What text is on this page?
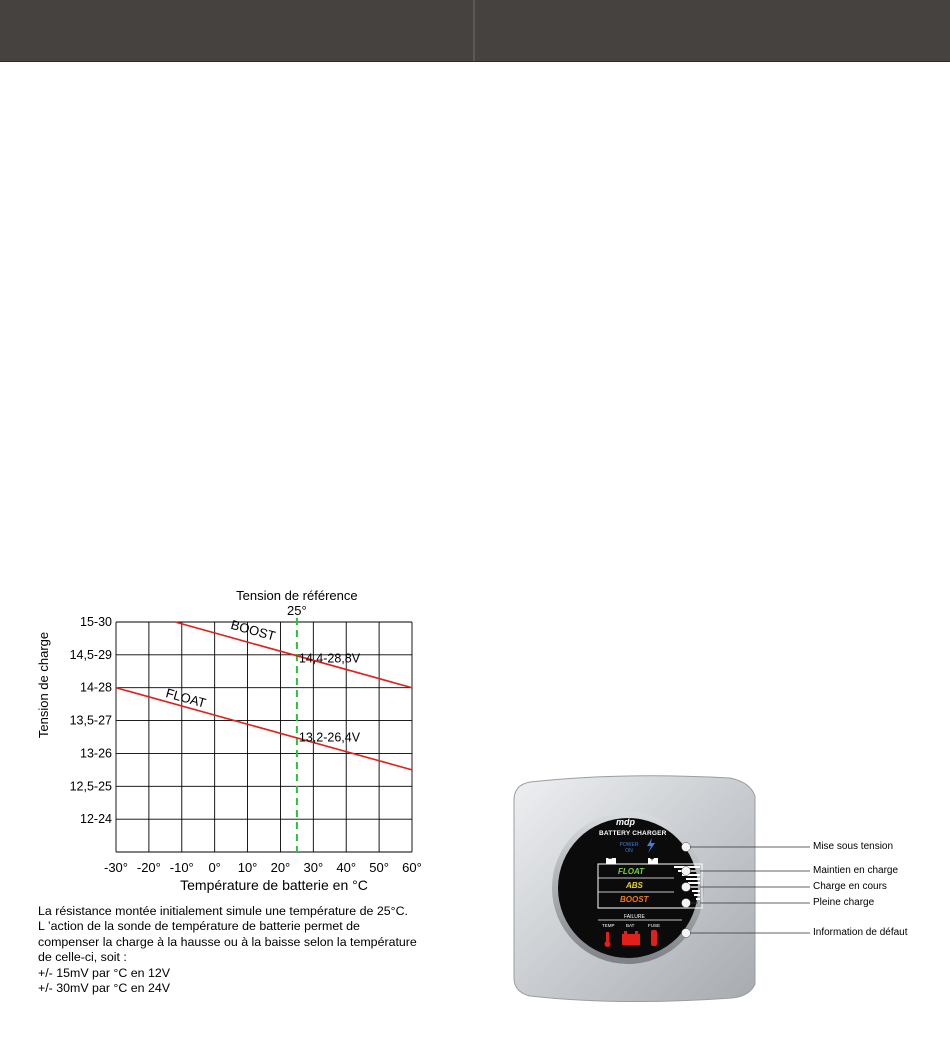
BOOST
FLOAT
14,4-28,8V
13,2-26,4V
15-30
14,5-29
14-28
13,5-27
13-26
12,5-25
12-24
-30° -20° -10° 0° 10° 20° 30° 40° 50° 60°
Tension de référence
25°
Température de batterie en °C
Tension de charge
La résistance montée initialement simule une température de 25°C.
L ’action de la sonde de température de batterie permet de
compenser la charge à la hausse ou à la baisse selon la température
de celle-ci, soit :
+/- 15mV par °C en 12V
+/- 30mV par °C en 24V
mdp
BATTERY CHARGER
POWER ON
−	+
FLOAT
ABS
BOOST
FAILURE
TEMP	BAT	FUSE
Mise sous tension
Maintien en charge
Charge en cours
Pleine charge
Information de défaut
